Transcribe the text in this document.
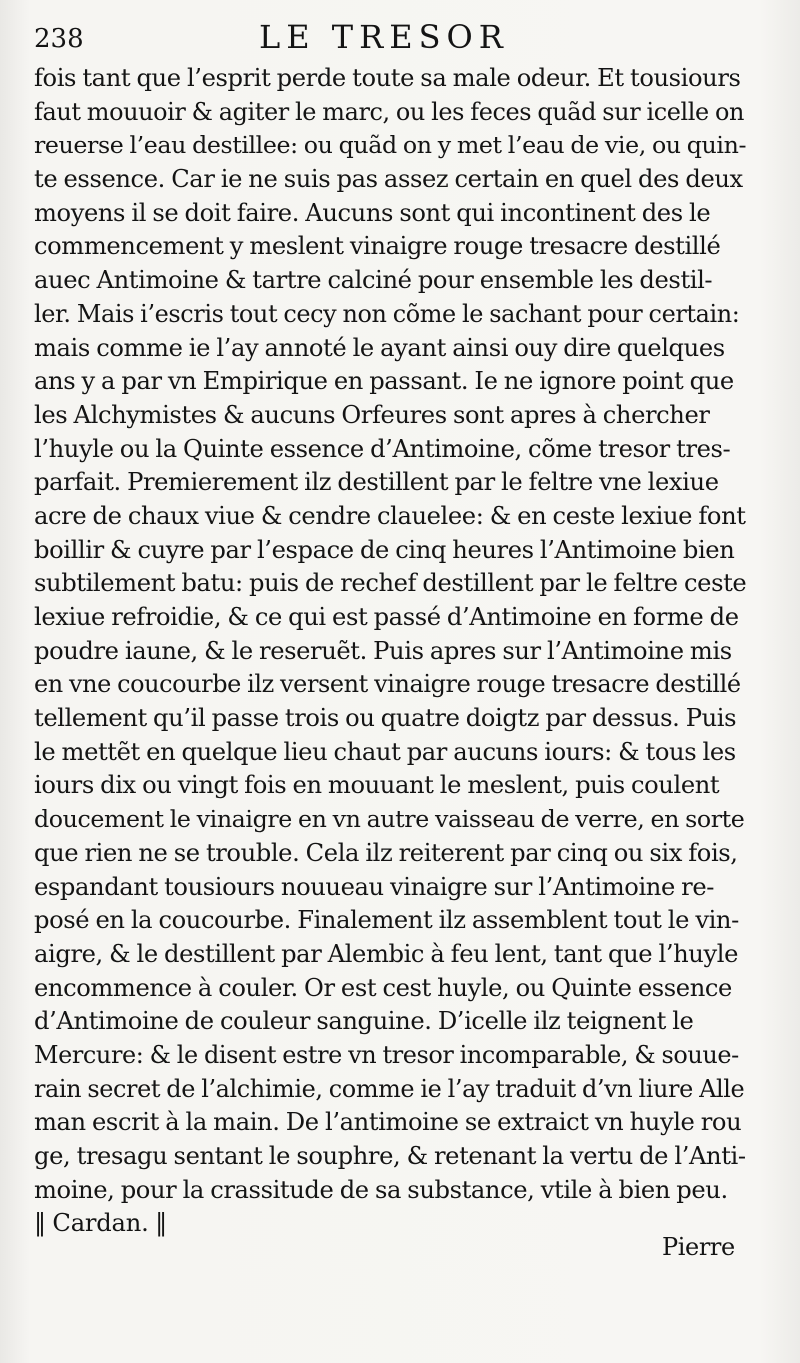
238	LE TRESOR
fois tant que l’esprit perde toute sa male odeur. Et tousiours
faut mouuoir & agiter le marc, ou les feces quãd sur icelle on
reuerse l’eau destillee: ou quãd on y met l’eau de vie, ou quin-
te essence. Car ie ne suis pas assez certain en quel des deux
moyens il se doit faire. Aucuns sont qui incontinent des le
commencement y meslent vinaigre rouge tresacre destillé
auec Antimoine & tartre calciné pour ensemble les destil-
ler. Mais i’escris tout cecy non cõme le sachant pour certain:
mais comme ie l’ay annoté le ayant ainsi ouy dire quelques
ans y a par vn Empirique en passant. Ie ne ignore point que
les Alchymistes & aucuns Orfeures sont apres à chercher
l’huyle ou la Quinte essence d’Antimoine, cõme tresor tres-
parfait. Premierement ilz destillent par le feltre vne lexiue
acre de chaux viue & cendre clauelee: & en ceste lexiue font
boillir & cuyre par l’espace de cinq heures l’Antimoine bien
subtilement batu: puis de rechef destillent par le feltre ceste
lexiue refroidie, & ce qui est passé d’Antimoine en forme de
poudre iaune, & le reseruẽt. Puis apres sur l’Antimoine mis
en vne coucourbe ilz versent vinaigre rouge tresacre destillé
tellement qu’il passe trois ou quatre doigtz par dessus. Puis
le mettẽt en quelque lieu chaut par aucuns iours: & tous les
iours dix ou vingt fois en mouuant le meslent, puis coulent
doucement le vinaigre en vn autre vaisseau de verre, en sorte
que rien ne se trouble. Cela ilz reiterent par cinq ou six fois,
espandant tousiours nouueau vinaigre sur l’Antimoine re-
posé en la coucourbe. Finalement ilz assemblent tout le vin-
aigre, & le destillent par Alembic à feu lent, tant que l’huyle
encommence à couler. Or est cest huyle, ou Quinte essence
d’Antimoine de couleur sanguine. D’icelle ilz teignent le
Mercure: & le disent estre vn tresor incomparable, & souue-
rain secret de l’alchimie, comme ie l’ay traduit d’vn liure Alle
man escrit à la main. De l’antimoine se extraict vn huyle rou
ge, tresagu sentant le souphre, & retenant la vertu de l’Anti-
moine, pour la crassitude de sa substance, vtile à bien peu.
‖ Cardan. ‖
Pierre
